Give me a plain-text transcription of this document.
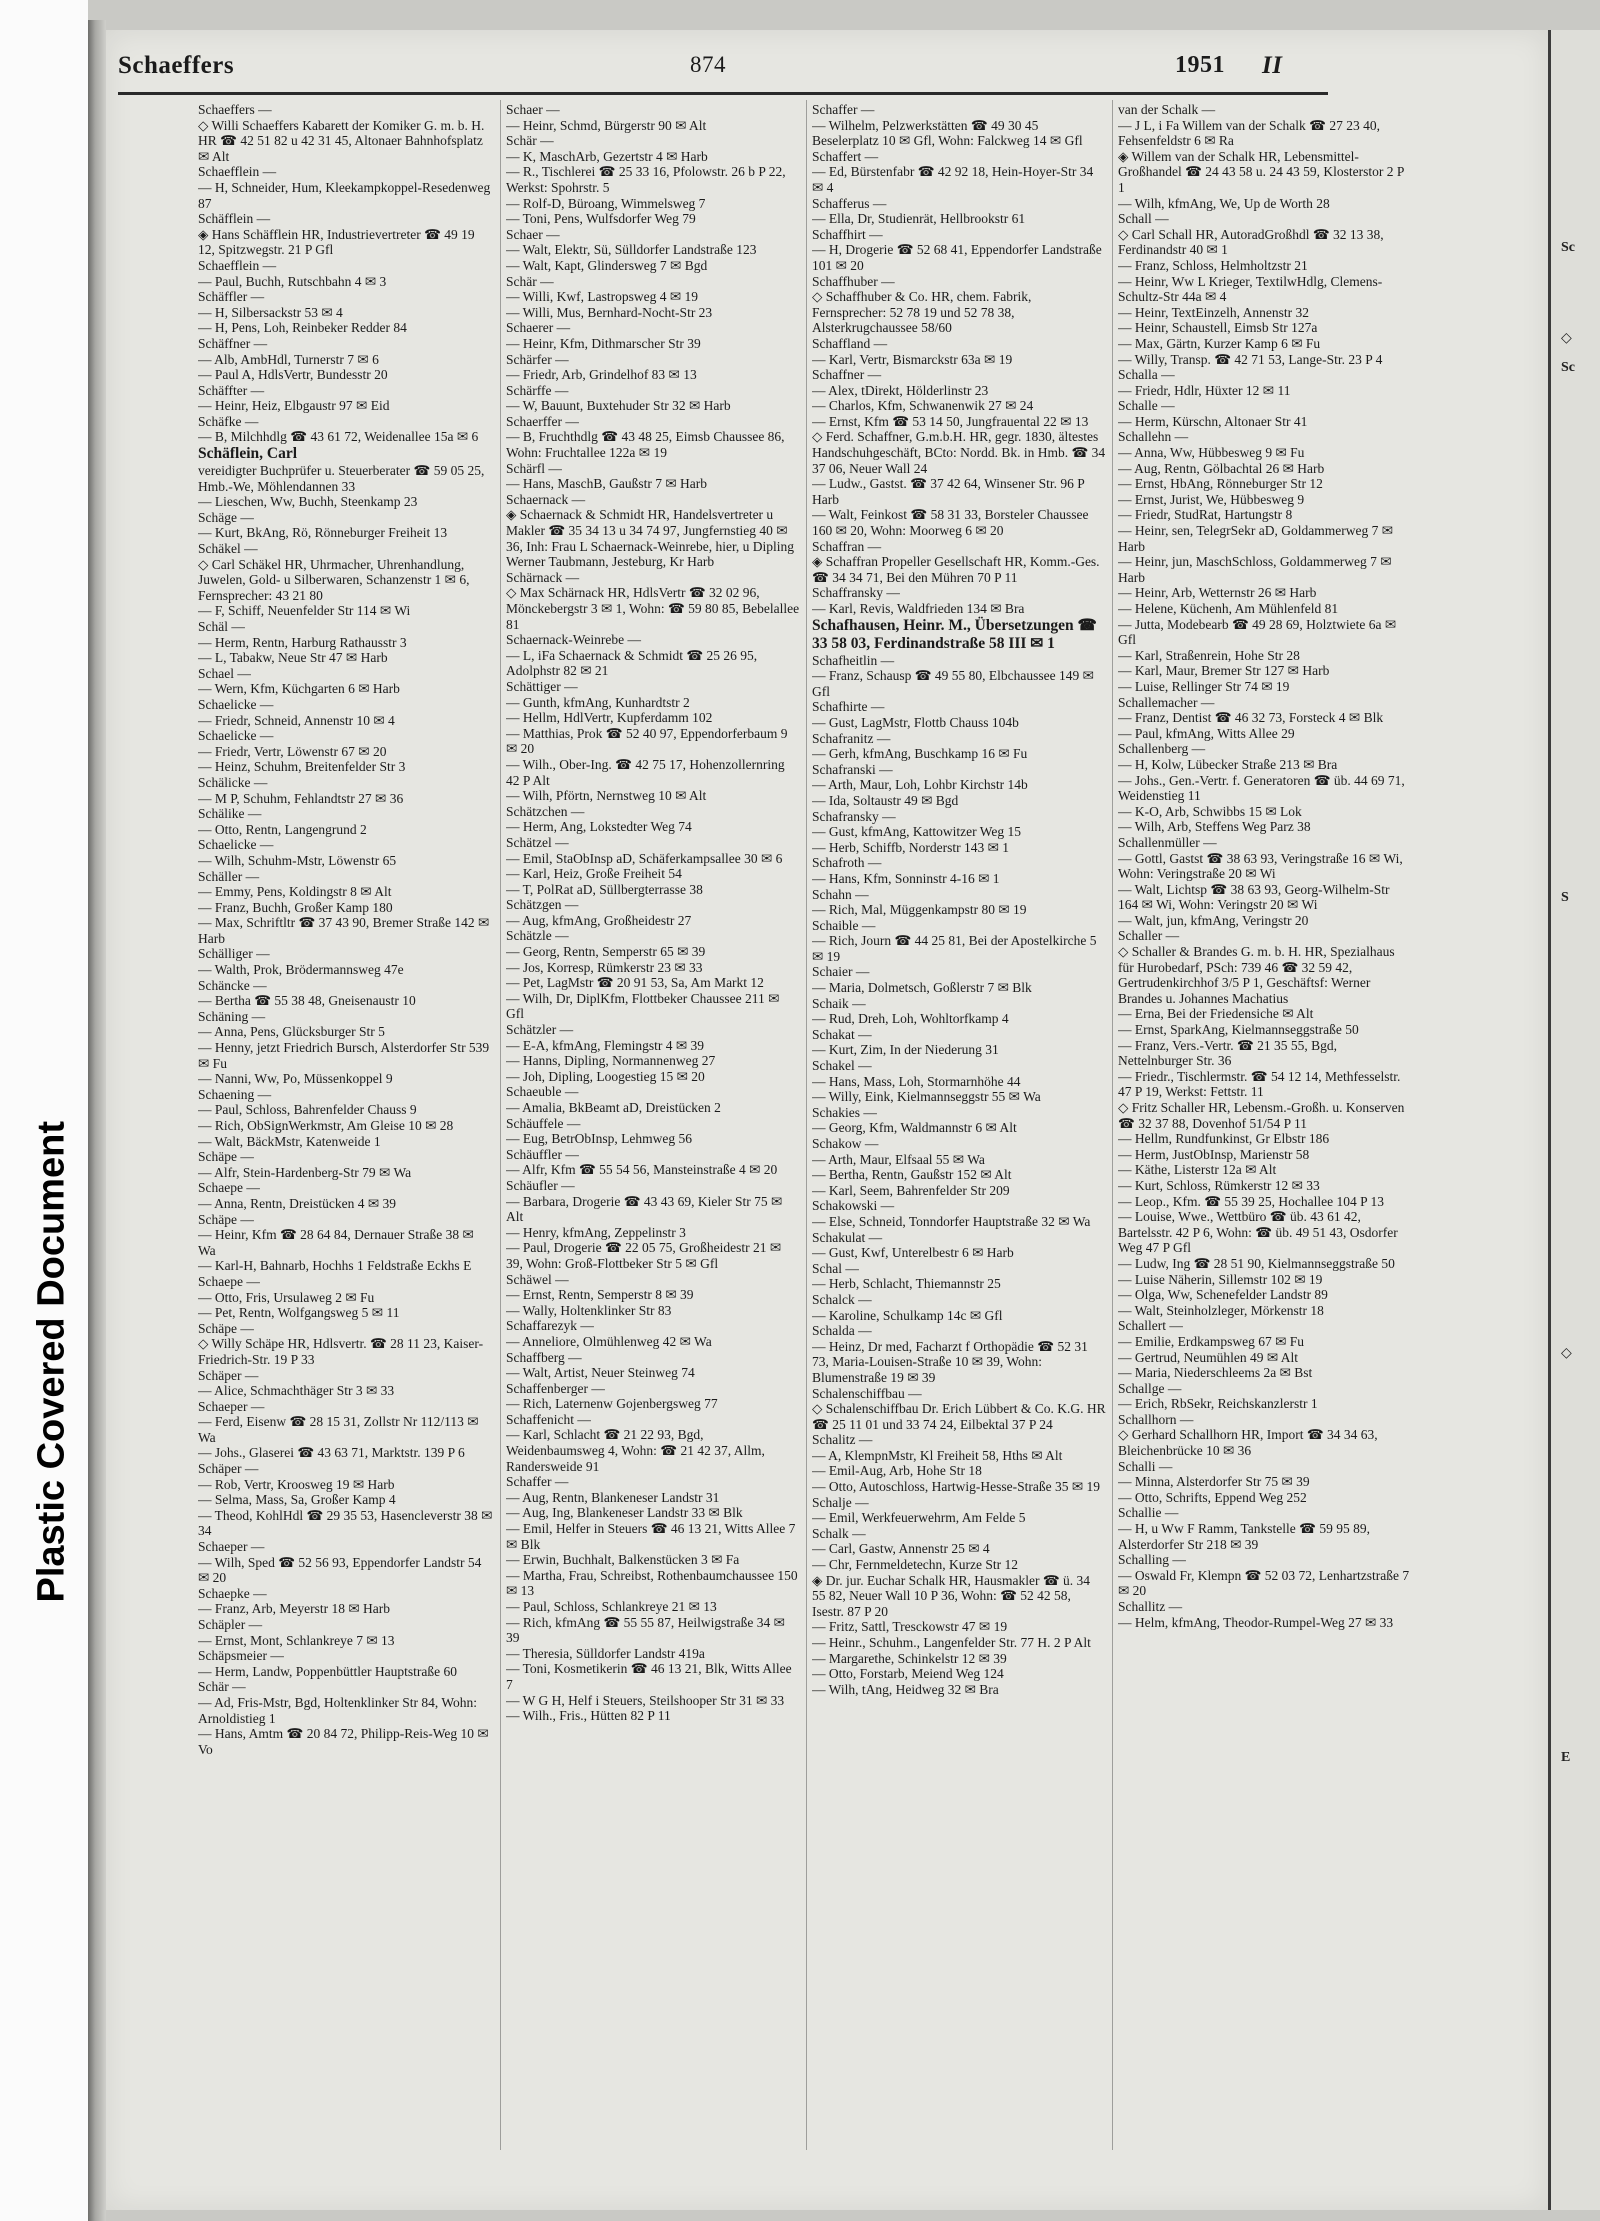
Plastic Covered Document
Sc
Sc
S
◇
◇
E
Schaeffers	874	1951 II
Schaeffers —
◇ Willi Schaeffers Kabarett der Komiker G. m. b. H. HR ☎ 42 51 82 u 42 31 45, Altonaer Bahnhofsplatz ✉ Alt
Schaefflein —
— H, Schneider, Hum, Kleekampkoppel-Resedenweg 87
Schäfflein —
◈ Hans Schäfflein HR, Industrievertreter ☎ 49 19 12, Spitzwegstr. 21 P Gfl
Schaefflein —
— Paul, Buchh, Rutschbahn 4 ✉ 3
Schäffler —
— H, Silbersackstr 53 ✉ 4
— H, Pens, Loh, Reinbeker Redder 84
Schäffner —
— Alb, AmbHdl, Turnerstr 7 ✉ 6
— Paul A, HdlsVertr, Bundesstr 20
Schäffter —
— Heinr, Heiz, Elbgaustr 97 ✉ Eid
Schäfke —
— B, Milchhdlg ☎ 43 61 72, Weidenallee 15a ✉ 6
Schäflein, Carl
vereidigter Buchprüfer u. Steuerberater ☎ 59 05 25, Hmb.-We, Möhlendannen 33
— Lieschen, Ww, Buchh, Steenkamp 23
Schäge —
— Kurt, BkAng, Rö, Rönneburger Freiheit 13
Schäkel —
◇ Carl Schäkel HR, Uhrmacher, Uhrenhandlung, Juwelen, Gold- u Silberwaren, Schanzenstr 1 ✉ 6, Fernsprecher: 43 21 80
— F, Schiff, Neuenfelder Str 114 ✉ Wi
Schäl —
— Herm, Rentn, Harburg Rathausstr 3
— L, Tabakw, Neue Str 47 ✉ Harb
Schael —
— Wern, Kfm, Küchgarten 6 ✉ Harb
Schaelicke —
— Friedr, Schneid, Annenstr 10 ✉ 4
Schaelicke —
— Friedr, Vertr, Löwenstr 67 ✉ 20
— Heinz, Schuhm, Breitenfelder Str 3
Schälicke —
— M P, Schuhm, Fehlandtstr 27 ✉ 36
Schälike —
— Otto, Rentn, Langengrund 2
Schaelicke —
— Wilh, Schuhm-Mstr, Löwenstr 65
Schäller —
— Emmy, Pens, Koldingstr 8 ✉ Alt
— Franz, Buchh, Großer Kamp 180
— Max, Schriftltr ☎ 37 43 90, Bremer Straße 142 ✉ Harb
Schälliger —
— Walth, Prok, Brödermannsweg 47e
Schäncke —
— Bertha ☎ 55 38 48, Gneisenaustr 10
Schäning —
— Anna, Pens, Glücksburger Str 5
— Henny, jetzt Friedrich Bursch, Alsterdorfer Str 539 ✉ Fu
— Nanni, Ww, Po, Müssenkoppel 9
Schaening —
— Paul, Schloss, Bahrenfelder Chauss 9
— Rich, ObSignWerkmstr, Am Gleise 10 ✉ 28
— Walt, BäckMstr, Katenweide 1
Schäpe —
— Alfr, Stein-Hardenberg-Str 79 ✉ Wa
Schaepe —
— Anna, Rentn, Dreistücken 4 ✉ 39
Schäpe —
— Heinr, Kfm ☎ 28 64 84, Dernauer Straße 38 ✉ Wa
— Karl-H, Bahnarb, Hochhs 1 Feldstraße Eckhs E
Schaepe —
— Otto, Fris, Ursulaweg 2 ✉ Fu
— Pet, Rentn, Wolfgangsweg 5 ✉ 11
Schäpe —
◇ Willy Schäpe HR, Hdlsvertr. ☎ 28 11 23, Kaiser-Friedrich-Str. 19 P 33
Schäper —
— Alice, Schmachthäger Str 3 ✉ 33
Schaeper —
— Ferd, Eisenw ☎ 28 15 31, Zollstr Nr 112/113 ✉ Wa
— Johs., Glaserei ☎ 43 63 71, Marktstr. 139 P 6
Schäper —
— Rob, Vertr, Kroosweg 19 ✉ Harb
— Selma, Mass, Sa, Großer Kamp 4
— Theod, KohlHdl ☎ 29 35 53, Hasencleverstr 38 ✉ 34
Schaeper —
— Wilh, Sped ☎ 52 56 93, Eppendorfer Landstr 54 ✉ 20
Schaepke —
— Franz, Arb, Meyerstr 18 ✉ Harb
Schäpler —
— Ernst, Mont, Schlankreye 7 ✉ 13
Schäpsmeier —
— Herm, Landw, Poppenbüttler Hauptstraße 60
Schär —
— Ad, Fris-Mstr, Bgd, Holtenklinker Str 84, Wohn: Arnoldistieg 1
— Hans, Amtm ☎ 20 84 72, Philipp-Reis-Weg 10 ✉ Vo
Schaer —
— Heinr, Schmd, Bürgerstr 90 ✉ Alt
Schär —
— K, MaschArb, Gezertstr 4 ✉ Harb
— R., Tischlerei ☎ 25 33 16, Pfolowstr. 26 b P 22, Werkst: Spohrstr. 5
— Rolf-D, Büroang, Wimmelsweg 7
— Toni, Pens, Wulfsdorfer Weg 79
Schaer —
— Walt, Elektr, Sü, Sülldorfer Landstraße 123
— Walt, Kapt, Glindersweg 7 ✉ Bgd
Schär —
— Willi, Kwf, Lastropsweg 4 ✉ 19
— Willi, Mus, Bernhard-Nocht-Str 23
Schaerer —
— Heinr, Kfm, Dithmarscher Str 39
Schärfer —
— Friedr, Arb, Grindelhof 83 ✉ 13
Schärffe —
— W, Bauunt, Buxtehuder Str 32 ✉ Harb
Schaerffer —
— B, Fruchthdlg ☎ 43 48 25, Eimsb Chaussee 86, Wohn: Fruchtallee 122a ✉ 19
Schärfl —
— Hans, MaschB, Gaußstr 7 ✉ Harb
Schaernack —
◈ Schaernack & Schmidt HR, Handelsvertreter u Makler ☎ 35 34 13 u 34 74 97, Jungfernstieg 40 ✉ 36, Inh: Frau L Schaernack-Weinrebe, hier, u Dipling Werner Taubmann, Jesteburg, Kr Harb
Schärnack —
◇ Max Schärnack HR, HdlsVertr ☎ 32 02 96, Mönckebergstr 3 ✉ 1, Wohn: ☎ 59 80 85, Bebelallee 81
Schaernack-Weinrebe —
— L, iFa Schaernack & Schmidt ☎ 25 26 95, Adolphstr 82 ✉ 21
Schättiger —
— Gunth, kfmAng, Kunhardtstr 2
— Hellm, HdlVertr, Kupferdamm 102
— Matthias, Prok ☎ 52 40 97, Eppendorferbaum 9 ✉ 20
— Wilh., Ober-Ing. ☎ 42 75 17, Hohenzollernring 42 P Alt
— Wilh, Pförtn, Nernstweg 10 ✉ Alt
Schätzchen —
— Herm, Ang, Lokstedter Weg 74
Schätzel —
— Emil, StaObInsp aD, Schäferkampsallee 30 ✉ 6
— Karl, Heiz, Große Freiheit 54
— T, PolRat aD, Süllbergterrasse 38
Schätzgen —
— Aug, kfmAng, Großheidestr 27
Schätzle —
— Georg, Rentn, Semperstr 65 ✉ 39
— Jos, Korresp, Rümkerstr 23 ✉ 33
— Pet, LagMstr ☎ 20 91 53, Sa, Am Markt 12
— Wilh, Dr, DiplKfm, Flottbeker Chaussee 211 ✉ Gfl
Schätzler —
— E-A, kfmAng, Flemingstr 4 ✉ 39
— Hanns, Dipling, Normannenweg 27
— Joh, Dipling, Loogestieg 15 ✉ 20
Schaeuble —
— Amalia, BkBeamt aD, Dreistücken 2
Schäuffele —
— Eug, BetrObInsp, Lehmweg 56
Schäuffler —
— Alfr, Kfm ☎ 55 54 56, Mansteinstraße 4 ✉ 20
Schäufler —
— Barbara, Drogerie ☎ 43 43 69, Kieler Str 75 ✉ Alt
— Henry, kfmAng, Zeppelinstr 3
— Paul, Drogerie ☎ 22 05 75, Großheidestr 21 ✉ 39, Wohn: Groß-Flottbeker Str 5 ✉ Gfl
Schäwel —
— Ernst, Rentn, Semperstr 8 ✉ 39
— Wally, Holtenklinker Str 83
Schaffarezyk —
— Anneliore, Olmühlenweg 42 ✉ Wa
Schaffberg —
— Walt, Artist, Neuer Steinweg 74
Schaffenberger —
— Rich, Laternenw Gojenbergsweg 77
Schaffenicht —
— Karl, Schlacht ☎ 21 22 93, Bgd, Weidenbaumsweg 4, Wohn: ☎ 21 42 37, Allm, Randersweide 91
Schaffer —
— Aug, Rentn, Blankeneser Landstr 31
— Aug, Ing, Blankeneser Landstr 33 ✉ Blk
— Emil, Helfer in Steuers ☎ 46 13 21, Witts Allee 7 ✉ Blk
— Erwin, Buchhalt, Balkenstücken 3 ✉ Fa
— Martha, Frau, Schreibst, Rothenbaumchaussee 150 ✉ 13
— Paul, Schloss, Schlankreye 21 ✉ 13
— Rich, kfmAng ☎ 55 55 87, Heilwigstraße 34 ✉ 39
— Theresia, Sülldorfer Landstr 419a
— Toni, Kosmetikerin ☎ 46 13 21, Blk, Witts Allee 7
— W G H, Helf i Steuers, Steilshooper Str 31 ✉ 33
— Wilh., Fris., Hütten 82 P 11
Schaffer —
— Wilhelm, Pelzwerkstätten ☎ 49 30 45 Beselerplatz 10 ✉ Gfl, Wohn: Falckweg 14 ✉ Gfl
Schaffert —
— Ed, Bürstenfabr ☎ 42 92 18, Hein-Hoyer-Str 34 ✉ 4
Schafferus —
— Ella, Dr, Studienrät, Hellbrookstr 61
Schaffhirt —
— H, Drogerie ☎ 52 68 41, Eppendorfer Landstraße 101 ✉ 20
Schaffhuber —
◇ Schaffhuber & Co. HR, chem. Fabrik, Fernsprecher: 52 78 19 und 52 78 38, Alsterkrugchaussee 58/60
Schaffland —
— Karl, Vertr, Bismarckstr 63a ✉ 19
Schaffner —
— Alex, tDirekt, Hölderlinstr 23
— Charlos, Kfm, Schwanenwik 27 ✉ 24
— Ernst, Kfm ☎ 53 14 50, Jungfrauental 22 ✉ 13
◇ Ferd. Schaffner, G.m.b.H. HR, gegr. 1830, ältestes Handschuhgeschäft, BCto: Nordd. Bk. in Hmb. ☎ 34 37 06, Neuer Wall 24
— Ludw., Gastst. ☎ 37 42 64, Winsener Str. 96 P Harb
— Walt, Feinkost ☎ 58 31 33, Borsteler Chaussee 160 ✉ 20, Wohn: Moorweg 6 ✉ 20
Schaffran —
◈ Schaffran Propeller Gesellschaft HR, Komm.-Ges. ☎ 34 34 71, Bei den Mühren 70 P 11
Schaffransky —
— Karl, Revis, Waldfrieden 134 ✉ Bra
Schafhausen, Heinr. M., Übersetzungen ☎ 33 58 03, Ferdinandstraße 58 III ✉ 1
Schafheitlin —
— Franz, Schausp ☎ 49 55 80, Elbchaussee 149 ✉ Gfl
Schafhirte —
— Gust, LagMstr, Flottb Chauss 104b
Schafranitz —
— Gerh, kfmAng, Buschkamp 16 ✉ Fu
Schafranski —
— Arth, Maur, Loh, Lohbr Kirchstr 14b
— Ida, Soltaustr 49 ✉ Bgd
Schafransky —
— Gust, kfmAng, Kattowitzer Weg 15
— Herb, Schiffb, Norderstr 143 ✉ 1
Schafroth —
— Hans, Kfm, Sonninstr 4-16 ✉ 1
Schahn —
— Rich, Mal, Müggenkampstr 80 ✉ 19
Schaible —
— Rich, Journ ☎ 44 25 81, Bei der Apostelkirche 5 ✉ 19
Schaier —
— Maria, Dolmetsch, Goßlerstr 7 ✉ Blk
Schaik —
— Rud, Dreh, Loh, Wohltorfkamp 4
Schakat —
— Kurt, Zim, In der Niederung 31
Schakel —
— Hans, Mass, Loh, Stormarnhöhe 44
— Willy, Eink, Kielmannseggstr 55 ✉ Wa
Schakies —
— Georg, Kfm, Waldmannstr 6 ✉ Alt
Schakow —
— Arth, Maur, Elfsaal 55 ✉ Wa
— Bertha, Rentn, Gaußstr 152 ✉ Alt
— Karl, Seem, Bahrenfelder Str 209
Schakowski —
— Else, Schneid, Tonndorfer Hauptstraße 32 ✉ Wa
Schakulat —
— Gust, Kwf, Unterelbestr 6 ✉ Harb
Schal —
— Herb, Schlacht, Thiemannstr 25
Schalck —
— Karoline, Schulkamp 14c ✉ Gfl
Schalda —
— Heinz, Dr med, Facharzt f Orthopädie ☎ 52 31 73, Maria-Louisen-Straße 10 ✉ 39, Wohn: Blumenstraße 19 ✉ 39
Schalenschiffbau —
◇ Schalenschiffbau Dr. Erich Lübbert & Co. K.G. HR ☎ 25 11 01 und 33 74 24, Eilbektal 37 P 24
Schalitz —
— A, KlempnMstr, Kl Freiheit 58, Hths ✉ Alt
— Emil-Aug, Arb, Hohe Str 18
— Otto, Autoschloss, Hartwig-Hesse-Straße 35 ✉ 19
Schalje —
— Emil, Werkfeuerwehrm, Am Felde 5
Schalk —
— Carl, Gastw, Annenstr 25 ✉ 4
— Chr, Fernmeldetechn, Kurze Str 12
◈ Dr. jur. Euchar Schalk HR, Hausmakler ☎ ü. 34 55 82, Neuer Wall 10 P 36, Wohn: ☎ 52 42 58, Isestr. 87 P 20
— Fritz, Sattl, Tresckowstr 47 ✉ 19
— Heinr., Schuhm., Langenfelder Str. 77 H. 2 P Alt
— Margarethe, Schinkelstr 12 ✉ 39
— Otto, Forstarb, Meiend Weg 124
— Wilh, tAng, Heidweg 32 ✉ Bra
van der Schalk —
— J L, i Fa Willem van der Schalk ☎ 27 23 40, Fehsenfeldstr 6 ✉ Ra
◈ Willem van der Schalk HR, Lebensmittel-Großhandel ☎ 24 43 58 u. 24 43 59, Klosterstor 2 P 1
— Wilh, kfmAng, We, Up de Worth 28
Schall —
◇ Carl Schall HR, AutoradGroßhdl ☎ 32 13 38, Ferdinandstr 40 ✉ 1
— Franz, Schloss, Helmholtzstr 21
— Heinr, Ww L Krieger, TextilwHdlg, Clemens-Schultz-Str 44a ✉ 4
— Heinr, TextEinzelh, Annenstr 32
— Heinr, Schaustell, Eimsb Str 127a
— Max, Gärtn, Kurzer Kamp 6 ✉ Fu
— Willy, Transp. ☎ 42 71 53, Lange-Str. 23 P 4
Schalla —
— Friedr, Hdlr, Hüxter 12 ✉ 11
Schalle —
— Herm, Kürschn, Altonaer Str 41
Schallehn —
— Anna, Ww, Hübbesweg 9 ✉ Fu
— Aug, Rentn, Gölbachtal 26 ✉ Harb
— Ernst, HbAng, Rönneburger Str 12
— Ernst, Jurist, We, Hübbesweg 9
— Friedr, StudRat, Hartungstr 8
— Heinr, sen, TelegrSekr aD, Goldammerweg 7 ✉ Harb
— Heinr, jun, MaschSchloss, Goldammerweg 7 ✉ Harb
— Heinr, Arb, Wetternstr 26 ✉ Harb
— Helene, Küchenh, Am Mühlenfeld 81
— Jutta, Modebearb ☎ 49 28 69, Holztwiete 6a ✉ Gfl
— Karl, Straßenrein, Hohe Str 28
— Karl, Maur, Bremer Str 127 ✉ Harb
— Luise, Rellinger Str 74 ✉ 19
Schallemacher —
— Franz, Dentist ☎ 46 32 73, Forsteck 4 ✉ Blk
— Paul, kfmAng, Witts Allee 29
Schallenberg —
— H, Kolw, Lübecker Straße 213 ✉ Bra
— Johs., Gen.-Vertr. f. Generatoren ☎ üb. 44 69 71, Weidenstieg 11
— K-O, Arb, Schwibbs 15 ✉ Lok
— Wilh, Arb, Steffens Weg Parz 38
Schallenmüller —
— Gottl, Gastst ☎ 38 63 93, Veringstraße 16 ✉ Wi, Wohn: Veringstraße 20 ✉ Wi
— Walt, Lichtsp ☎ 38 63 93, Georg-Wilhelm-Str 164 ✉ Wi, Wohn: Veringstr 20 ✉ Wi
— Walt, jun, kfmAng, Veringstr 20
Schaller —
◇ Schaller & Brandes G. m. b. H. HR, Spezialhaus für Hurobedarf, PSch: 739 46 ☎ 32 59 42, Gertrudenkirchhof 3/5 P 1, Geschäftsf: Werner Brandes u. Johannes Machatius
— Erna, Bei der Friedensiche ✉ Alt
— Ernst, SparkAng, Kielmannseggstraße 50
— Franz, Vers.-Vertr. ☎ 21 35 55, Bgd, Nettelnburger Str. 36
— Friedr., Tischlermstr. ☎ 54 12 14, Methfesselstr. 47 P 19, Werkst: Fettstr. 11
◇ Fritz Schaller HR, Lebensm.-Großh. u. Konserven ☎ 32 37 88, Dovenhof 51/54 P 11
— Hellm, Rundfunkinst, Gr Elbstr 186
— Herm, JustObInsp, Marienstr 58
— Käthe, Listerstr 12a ✉ Alt
— Kurt, Schloss, Rümkerstr 12 ✉ 33
— Leop., Kfm. ☎ 55 39 25, Hochallee 104 P 13
— Louise, Wwe., Wettbüro ☎ üb. 43 61 42, Bartelsstr. 42 P 6, Wohn: ☎ üb. 49 51 43, Osdorfer Weg 47 P Gfl
— Ludw, Ing ☎ 28 51 90, Kielmannseggstraße 50
— Luise Näherin, Sillemstr 102 ✉ 19
— Olga, Ww, Schenefelder Landstr 89
— Walt, Steinholzleger, Mörkenstr 18
Schallert —
— Emilie, Erdkampsweg 67 ✉ Fu
— Gertrud, Neumühlen 49 ✉ Alt
— Maria, Niederschleems 2a ✉ Bst
Schallge —
— Erich, RbSekr, Reichskanzlerstr 1
Schallhorn —
◇ Gerhard Schallhorn HR, Import ☎ 34 34 63, Bleichenbrücke 10 ✉ 36
Schalli —
— Minna, Alsterdorfer Str 75 ✉ 39
— Otto, Schrifts, Eppend Weg 252
Schallie —
— H, u Ww F Ramm, Tankstelle ☎ 59 95 89, Alsterdorfer Str 218 ✉ 39
Schalling —
— Oswald Fr, Klempn ☎ 52 03 72, Lenhartzstraße 7 ✉ 20
Schallitz —
— Helm, kfmAng, Theodor-Rumpel-Weg 27 ✉ 33
